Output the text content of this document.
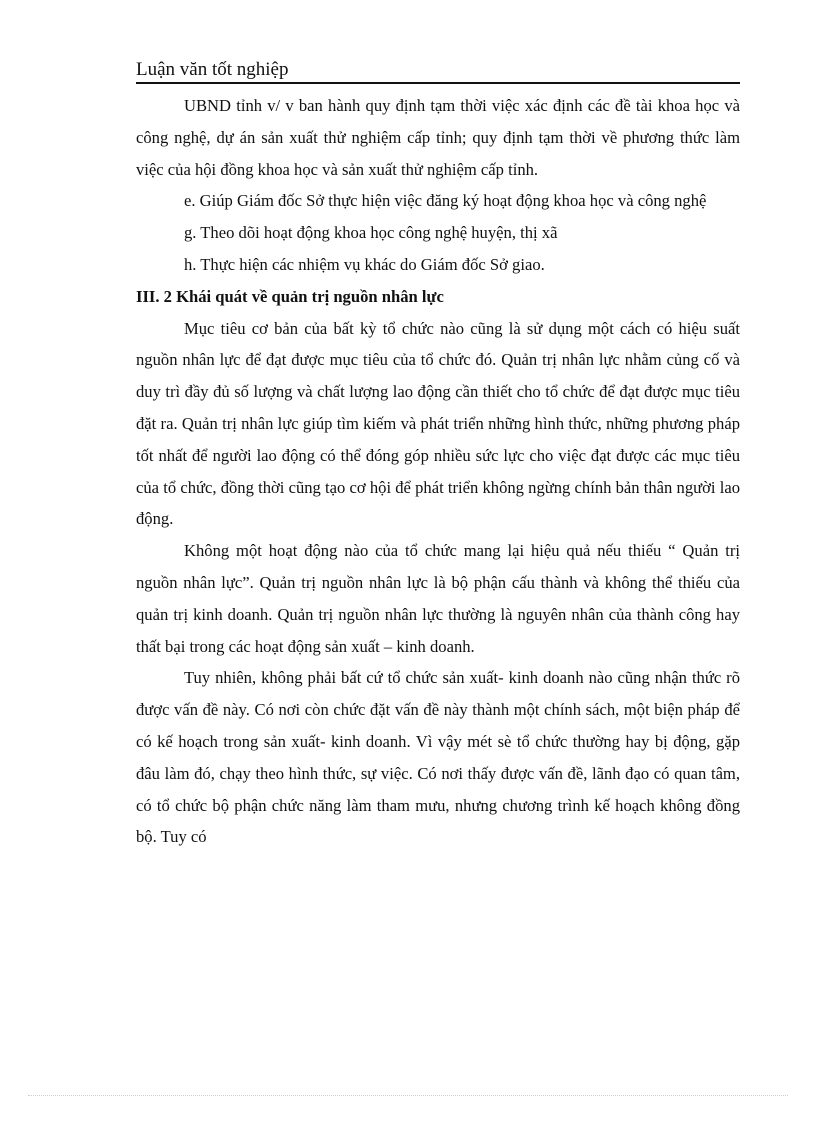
Luận văn tốt nghiệp

UBND tỉnh v/ v ban hành quy định tạm thời việc xác định các đề tài khoa học và công nghệ, dự án sản xuất thử nghiệm cấp tỉnh; quy định tạm thời về phương thức làm việc của hội đồng khoa học và sản xuất thử nghiệm cấp tỉnh.

e. Giúp Giám đốc Sở thực hiện việc đăng ký hoạt động khoa học và công nghệ

g. Theo dõi hoạt động khoa học công nghệ huyện, thị xã

h. Thực hiện các nhiệm vụ khác do Giám đốc Sở giao.

III. 2 Khái quát về quản trị nguồn nhân lực

Mục tiêu cơ bản của bất kỳ tổ chức nào cũng là sử dụng một cách có hiệu suất nguồn nhân lực để đạt được mục tiêu của tổ chức đó. Quản trị nhân lực nhằm củng cố và duy trì đầy đủ số lượng và chất lượng lao động cần thiết cho tổ chức để đạt được mục tiêu đặt ra. Quản trị nhân lực giúp tìm kiếm và phát triển những hình thức, những phương pháp tốt nhất để người lao động có thể đóng góp nhiều sức lực cho việc đạt được các mục tiêu của tổ chức, đồng thời cũng tạo cơ hội để phát triển không ngừng chính bản thân người lao động.

Không một hoạt động nào của tổ chức mang lại hiệu quả nếu thiếu “ Quản trị nguồn nhân lực”. Quản trị nguồn nhân lực là bộ phận cấu thành và không thể thiếu của quản trị kinh doanh. Quản trị nguồn nhân lực thường là nguyên nhân của thành công hay thất bại trong các hoạt động sản xuất – kinh doanh.

Tuy nhiên, không phải bất cứ tổ chức sản xuất- kinh doanh nào cũng nhận thức rõ được vấn đề này. Có nơi còn chức đặt vấn đề này thành một chính sách, một biện pháp để có kế hoạch trong sản xuất- kinh doanh. Vì vậy mét sè tổ chức thường hay bị động, gặp đâu làm đó, chạy theo hình thức, sự việc. Có nơi thấy được vấn đề, lãnh đạo có quan tâm, có tổ chức bộ phận chức năng làm tham mưu, nhưng chương trình kế hoạch không đồng bộ. Tuy có
